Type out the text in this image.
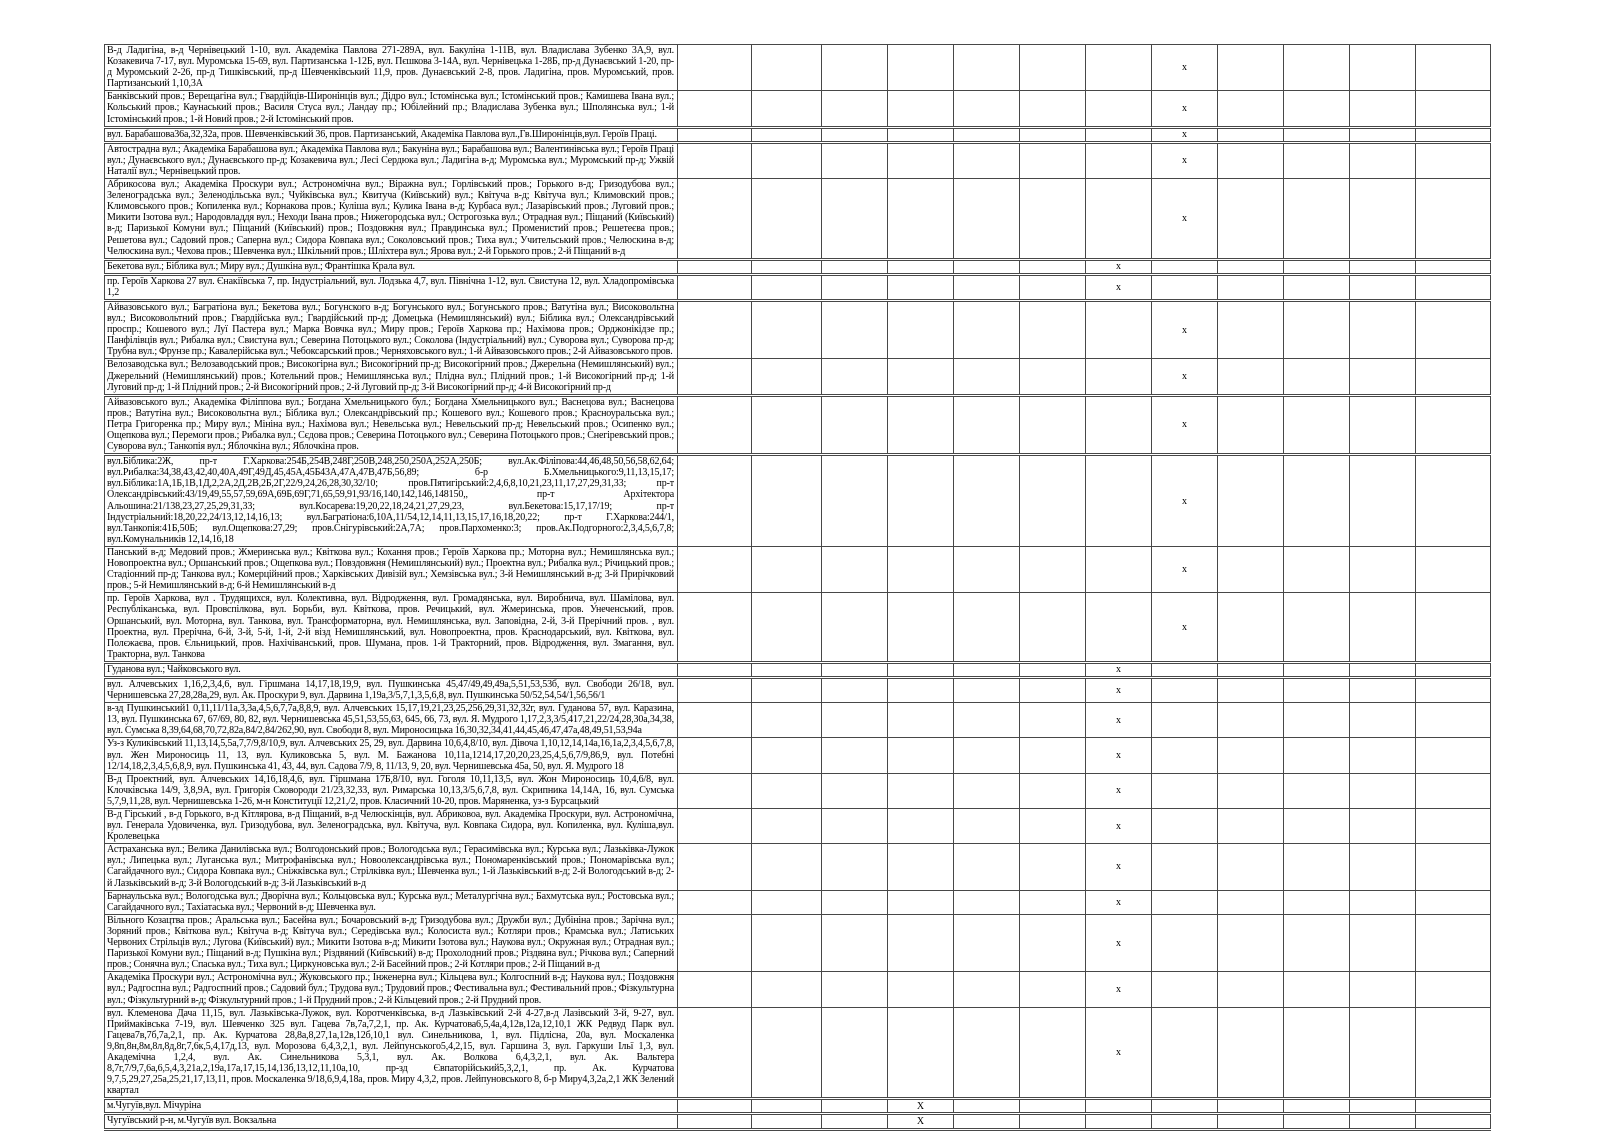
В-д Ладигіна, в-д Чернівецький 1-10, вул. Академіка Павлова 271-289А, вул. Бакуліна 1-11В, вул. Владислава Зубенко 3А,9, вул. Козакевича 7-17, вул. Муромська 15-69, вул. Партизанська 1-12Б, вул. Пєшкова 3-14А, вул. Чернівецька 1-28Б, пр-д Дунаєвський 1-20, пр-д Муромський 2-26, пр-д Тишківський, пр-д Шевченківський 11,9, пров. Дунаєвський 2-8, пров. Ладигіна, пров. Муромський, пров. Партизанський 1,10,3А								х				
Банківський пров.; Верещагіна вул.; Гвардійців-Широнінців вул.; Дідро вул.; Істомінська вул.; Істомінський пров.; Камишева Івана вул.; Кольський пров.; Каунаський пров.; Василя Стуса вул.; Ландау пр.; Юбілейний пр.; Владислава Зубенка вул.; Шполянська вул.; 1-й Істомінський пров.; 1-й Новий пров.; 2-й Істомінський пров.								х				
вул. Барабашова36а,32,32а, пров. Шевченківський 36, пров. Партизанський, Академіка Павлова вул.,Гв.Широнінців,вул. Героїв Праці.								х				
Автострадна вул.; Академіка Барабашова вул.; Академіка Павлова вул.; Бакуніна вул.; Барабашова вул.; Валентинівська вул.; Героїв Праці вул.; Дунаєвського вул.; Дунаєвського пр-д; Козакевича вул.; Лесі Сердюка вул.; Ладигіна в-д; Муромська вул.; Муромський пр-д; Ужвій Наталії вул.; Чернівецький пров.								х				
Абрикосова вул.; Академіка Проскури вул.; Астрономічна вул.; Віражна вул.; Горлівський пров.; Горького в-д; Гризодубова вул.; Зеленоградська вул.; Зеленодільська вул.; Чуйківська вул.; Квитуча (Київський) вул.; Квітуча в-д; Квітуча вул.; Климовский пров.; Климовського пров.; Копиленка вул.; Корнакова пров.; Куліша вул.; Кулика Івана в-д; Курбаса вул.; Лазарівський пров.; Луговий пров.; Микити Ізотова вул.; Народовладдя вул.; Неходи Івана пров.; Нижегородська вул.; Острогозька вул.; Отрадная вул.; Піщаний (Київський) в-д; Паризької Комуни вул.; Піщаний (Київський) пров.; Поздовжня вул.; Правдинська вул.; Променистий пров.; Решетеєва пров.; Решетова вул.; Садовий пров.; Саперна вул.; Сидора Ковпака вул.; Соколовський пров.; Тиха вул.; Учительський пров.; Челюскина в-д; Челюскина вул.; Чехова пров.; Шевченка вул.; Шкільний пров.; Шліхтера вул.; Ярова вул.; 2-й Горького пров.; 2-й Піщаний в-д								х				
Бекетова вул.; Біблика вул.; Миру вул.; Душкіна вул.; Франтішка Крала вул.							х					
пр. Героїв Харкова 27 вул. Єнакіївська 7, пр. Індустріальний, вул. Лодзька 4,7, вул. Північна 1-12, вул. Свистуна 12, вул. Хладопромівська 1,2							х					
Айвазовського вул.; Багратіона вул.; Бекетова вул.; Богунского в-д; Богунського вул.; Богунського пров.; Ватутіна вул.; Високовольтна вул.; Високовольтний пров.; Гвардійська вул.; Гвардійський пр-д; Домецька (Немишлянський) вул.; Біблика вул.; Олександрівський проспр.; Кошевого вул.; Луї Пастера вул.; Марка Вовчка вул.; Миру пров.; Героїв Харкова пр.; Нахімова пров.; Орджонікідзе пр.; Панфілівців вул.; Рибалка вул.; Свистуна вул.; Северина Потоцького вул.; Соколова (Індустріальний) вул.; Суворова вул.; Суворова пр-д; Трубна вул.; Фрунзе пр.; Кавалерійська вул.; Чебоксарський пров.; Черняховського вул.; 1-й Айвазовського пров.; 2-й Айвазовського пров.								х				
Велозаводська вул.; Велозаводський пров.; Високогірна вул.; Високогірний пр-д; Високогірний пров.; Джерельна (Немишлянський) вул.; Джерельний (Немишлянський) пров.; Котельний пров.; Немишлянська вул.; Плідна вул.; Плідний пров.; 1-й Високогірний пр-д; 1-й Луговий пр-д; 1-й Плідний пров.; 2-й Високогірний пров.; 2-й Луговий пр-д; 3-й Високогірний пр-д; 4-й Високогірний пр-д								х				
Айвазовського вул.; Академіка Філіппова вул.; Богдана Хмельницького бул.; Богдана Хмельницького вул.; Васнецова вул.; Васнецова пров.; Ватутіна вул.; Високовольтна вул.; Біблика вул.; Олександрівський пр.; Кошевого вул.; Кошевого пров.; Красноуральська вул.; Петра Григоренка пр.; Миру вул.; Мініна вул.; Нахімова вул.; Невельська вул.; Невельський пр-д; Невельський пров.; Осипенко вул.; Ощепкова вул.; Перемоги пров.; Рибалка вул.; Сєдова пров.; Северина Потоцького вул.; Северина Потоцького пров.; Снегіревський пров.; Суворова вул.; Танкопія вул.; Яблочкіна вул.; Яблочкіна пров.								х				
вул.Біблика:2Ж, пр-т Г.Харкова:254Б,254В,248Г,250В,248,250,250А,252А,250Б; вул.Ак.Філіпова:44,46,48,50,56,58,62,64; вул.Рибалка:34,38,43,42,40,40А,49Г,49Д,45,45А,45Б43А,47А,47В,47Б,56,89; б-р Б.Хмельницького:9,11,13,15,17; вул.Біблика:1А,1Б,1В,1Д,2,2А,2Д,2В,2Б,2Г,22/9,24,26,28,30,32/10; пров.Пятигірський:2,4,6,8,10,21,23,11,17,27,29,31,33; пр-т Олександрівський:43/19,49,55,57,59,69А,69Б,69Г,71,65,59,91,93/16,140,142,146,148150,, пр-т Архітектора Альошина:21/138,23,27,25,29,31,33; вул.Косарева:19,20,22,18,24,21,27,29,23, вул.Бекетова:15,17,17/19; пр-т Індустріальний:18,20,22,24/13,12,14,16,13; вул.Багратіона:6,10А,11/54,12,14,11,13,15,17,16,18,20,22; пр-т Г.Харкова:244/1, вул.Танкопія:41Б,50Б; вул.Ощепкова:27,29; пров.Снігурівський:2А,7А; пров.Пархоменко:3; пров.Ак.Подгорного:2,3,4,5,6,7,8; вул.Комунальників 12,14,16,18								х				
Панський в-д; Медовий пров.; Жмеринська вул.; Квіткова вул.; Кохання пров.; Героїв Харкова пр.; Моторна вул.; Немишлянська вул.; Новопроектна вул.; Оршанський пров.; Ощепкова вул.; Повздовжня (Немишлянський) вул.; Проектна вул.; Рибалка вул.; Річицький пров.; Стадіонний пр-д; Танкова вул.; Комерційний пров.; Харківських Дивізій вул.; Хемзівська вул.; 3-й Немишлянський в-д; 3-й Прирічковий пров.; 5-й Немишлянський в-д; 6-й Немишлянський в-д								х				
пр. Героїв Харкова, вул . Трудящихся, вул. Колективна, вул. Відродження, вул. Громадянська, вул. Виробнича, вул. Шамілова, вул. Республіканська, вул. Провспілкова, вул. Борьби, вул. Квіткова, пров. Речицький, вул. Жмеринська, пров. Унеченський, пров. Оршанський, вул. Моторна, вул. Танкова, вул. Трансформаторна, вул. Немишлянська, вул. Заповідна, 2-й, 3-й Прерічний пров. , вул. Проектна, вул. Прерічна, 6-й, 3-й, 5-й, 1-й, 2-й візд Немишлянський, вул. Новопроектна, пров. Краснодарський, вул. Квіткова, вул. Полєжаєва, пров. Єльницький, пров. Нахічіванський, пров. Шумана, пров. 1-й Тракторний, пров. Відродження, вул. Змагання, вул. Тракторна, вул. Танкова								х				
Гуданова вул.; Чайковського вул.							х					
вул. Алчевських 1,16,2,3,4,6, вул. Гіршмана 14,17,18,19,9, вул. Пушкинська 45,47/49,49,49а,5,51,53,53б, вул. Свободи 26/18, вул. Чернишевська 27,28,28а,29, вул. Ак. Проскури 9, вул. Дарвина 1,19а,3/5,7,1,3,5,6,8, вул. Пушкинська 50/52,54,54/1,56,56/1							х					
в-зд Пушкинський1 0,11,11/11а,3,3а,4,5,6,7,7а,8,8,9, вул. Алчевських 15,17,19,21,23,25,256,29,31,32,32г, вул. Гуданова 57, вул. Каразина, 13, вул. Пушкинська 67, 67/69, 80, 82, вул. Чернишевська 45,51,53,55,63, 645, 66, 73, вул. Я. Мудрого 1,17,2,3,3/5,417,21,22/24,28,30а,34,38, вул. Сумська 8,39,64,68,70,72,82а,84/2,84/262,90, вул. Свободи 8, вул. Мироносицька 16,30,32,34,41,44,45,46,47,47а,48,49,51,53,94а							х					
Уз-з Куликівський 11,13,14,5,5а,7,7/9,8/10,9, вул. Алчевських 25, 29, вул. Дарвина 10,6,4,8/10, вул. Дівоча 1,10,12,14,14а,16,1а,2,3,4,5,6,7,8, вул. Жен Мироносиць 11, 13, вул. Куликовська 5, вул. М. Бажанова 10,11а,1214,17,20,20,23,25,4,5,6,7/9,86,9, вул. Потебні 12/14,18,2,3,4,5,6,8,9, вул. Пушкинська 41, 43, 44, вул. Садова 7/9, 8, 11/13, 9, 20, вул. Чернишевська 45а, 50, вул. Я. Мудрого 18							х					
В-д Проектний, вул. Алчевських 14,16,18,4,6, вул. Гіршмана 17Б,8/10, вул. Гоголя 10,11,13,5, вул. Жон Мироносиць 10,4,6/8, вул. Клочківська 14/9, 3,8,9А, вул. Григорія Сковороди 21/23,32,33, вул. Римарська 10,13,3/5,6,7,8, вул. Скрипника 14,14А, 16, вул. Сумська 5,7,9,11,28, вул. Чернишевська 1-26, м-н Конституції 12,21,/2, пров. Класичний 10-20, пров. Маряненка, уз-з Бурсацький							х					
В-д Гірський , в-д Горького, в-д Кітлярова, в-д Піщаний, в-д Челюскінців, вул. Абриковоа, вул. Академіка Проскури, вул. Астрономічна, вул. Генерала Удовиченка, вул. Гризодубова, вул. Зеленоградська, вул. Квітуча, вул. Ковпака Сидора, вул. Копиленка, вул. Куліша,вул. Кролевецька							х					
Астраханська вул.; Велика Данилівська вул.; Волгодонський пров.; Вологодська вул.; Герасимівська вул.; Курська вул.; Лазьківка-Лужок вул.; Липецька вул.; Луганська вул.; Митрофанівська вул.; Новоолександрівська вул.; Пономаренківський пров.; Пономарівська вул.; Сагайдачного вул.; Сидора Ковпака вул.; Сніжківська вул.; Стрілківка вул.; Шевченка вул.; 1-й Лазьківський в-д; 2-й Вологодський в-д; 2-й Лазьківський в-д; 3-й Вологодський в-д; 3-й Лазьківський в-д							х					
Барнаульська вул.; Вологодська вул.; Дворічна вул.; Кольцовська вул.; Курська вул.; Металургічна вул.; Бахмутська вул.; Ростовська вул.; Сагайдачного вул.; Тахіатаська вул.; Червоний в-д; Шевченка вул.							х					
Вільного Козацтва пров.; Аральська вул.; Басейна вул.; Бочаровський в-д; Гризодубова вул.; Дружби вул.; Дубініна пров.; Зарічна вул.; Зоряний пров.; Квіткова вул.; Квітуча в-д; Квітуча вул.; Середівська вул.; Колосиста вул.; Котляри пров.; Крамська вул.; Латиських Червоних Стрільців вул.; Лугова (Київський) вул.; Микити Ізотова в-д; Микити Ізотова вул.; Наукова вул.; Окружная вул.; Отрадная вул.; Паризької Комуни вул.; Піщаний в-д; Пушкіна вул.; Різдвяний (Київський) в-д; Прохолодний пров.; Різдвяна вул.; Річкова вул.; Саперний пров.; Сонячна вул.; Спаська вул.; Тиха вул.; Циркуновська вул.; 2-й Басейний пров.; 2-й Котляри пров.; 2-й Піщаний в-д							х					
Академіка Проскури вул.; Астрономічна вул.; Жуковського пр.; Інженерна вул.; Кільцева вул.; Колгоспний в-д; Наукова вул.; Поздовжня вул.; Радгоспна вул.; Радгоспний пров.; Садовий бул.; Трудова вул.; Трудовий пров.; Фестивальна вул.; Фестивальний пров.; Фізкультурна вул.; Фізкультурний в-д; Фізкультурний пров.; 1-й Прудний пров.; 2-й Кільцевий пров.; 2-й Прудний пров.							х					
вул. Клеменова Дача 11,15, вул. Лазьківська-Лужок, вул. Коротченківська, в-д Лазьківський 2-й 4-27,в-д Лазівський 3-й, 9-27, вул. Приймаківська 7-19, вул. Шевченко 325 вул. Гацева 7в,7а,7,2,1, пр. Ак. Курчатова6,5,4а,4,12в,12а,12,10,1 ЖК Редвуд Парк вул. Гацева7в,7б,7а,2,1, пр. Ак. Курчатова 28,8а,8,27,1а,12в,12б,10,1 вул. Синельникова, 1, вул. Підлісна, 20а, вул. Москаленка 9,8п,8н,8м,8л,8д,8г,7,6к,5,4,17д,13, вул. Морозова 6,4,3,2,1, вул. Лейпунського5,4,2,15, вул. Гаршина 3, вул. Гаркуши Ільї 1,3, вул. Академічна 1,2,4, вул. Ак. Синельникова 5,3,1, вул. Ак. Волкова 6,4,3,2,1, вул. Ак. Вальтера 8,7г,7/9,7,6а,6,5,4,3,21а,2,19а,17а,17,15,14,13б,13,12,11,10а,10, пр-зд Євпаторійський5,3,2,1, пр. Ак. Курчатова 9,7,5,29,27,25а,25,21,17,13,11, пров. Москаленка 9/18,6,9,4,18а, пров. Миру 4,3,2, пров. Лейпуновського 8, б-р Миру4,3,2а,2,1 ЖК Зелений квартал							х					
м.Чугуїв,вул. Мічуріна				Х								
Чугуївський р-н, м.Чугуїв вул. Вокзальна				Х								
